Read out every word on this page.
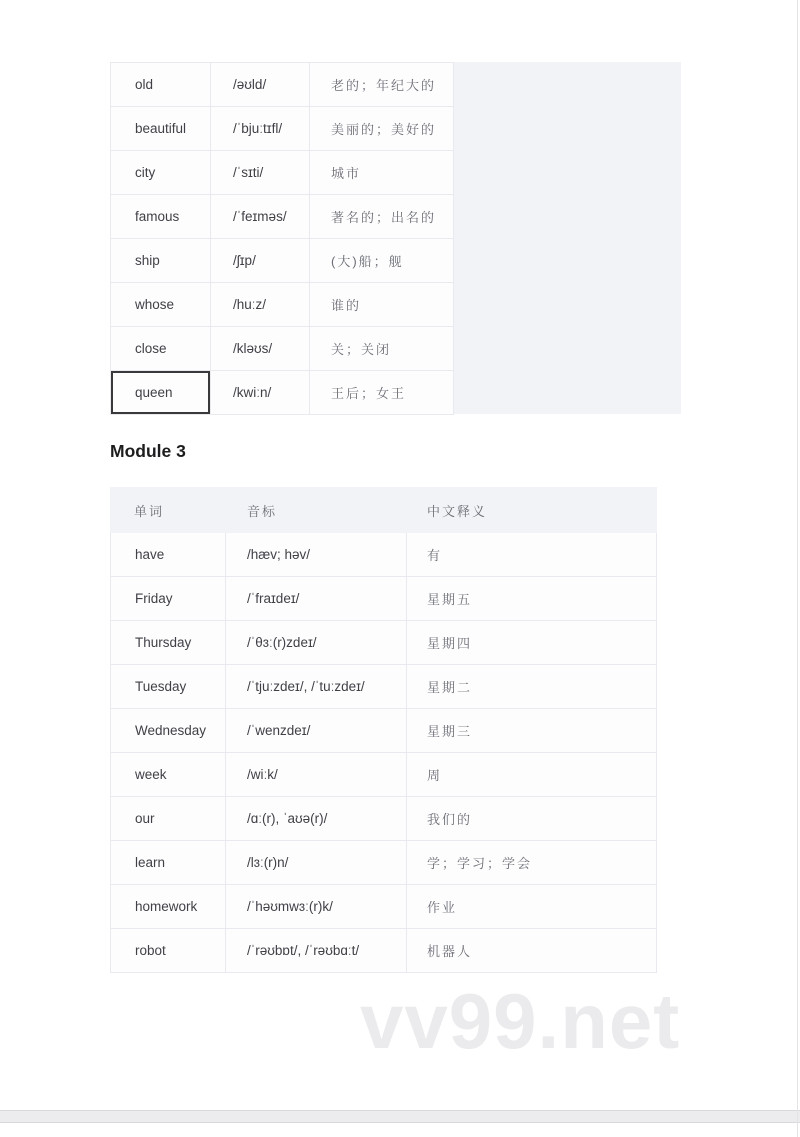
old	/əʊld/	老的；年纪大的
beautiful	/ˈbjuːtɪfl/	美丽的；美好的
city	/ˈsɪti/	城市
famous	/ˈfeɪməs/	著名的；出名的
ship	/ʃɪp/	(大)船；舰
whose	/huːz/	谁的
close	/kləʊs/	关；关闭
queen	/kwiːn/	王后；女王
Module 3
单词	音标	中文释义
have	/hæv; həv/	有
Friday	/ˈfraɪdeɪ/	星期五
Thursday	/ˈθɜː(r)zdeɪ/	星期四
Tuesday	/ˈtjuːzdeɪ/, /ˈtuːzdeɪ/	星期二
Wednesday	/ˈwenzdeɪ/	星期三
week	/wiːk/	周
our	/ɑː(r), ˈaʊə(r)/	我们的
learn	/lɜː(r)n/	学；学习；学会
homework	/ˈhəʊmwɜː(r)k/	作业
robot	/ˈrəʊbɒt/, /ˈrəʊbɑːt/	机器人
vv99.net
